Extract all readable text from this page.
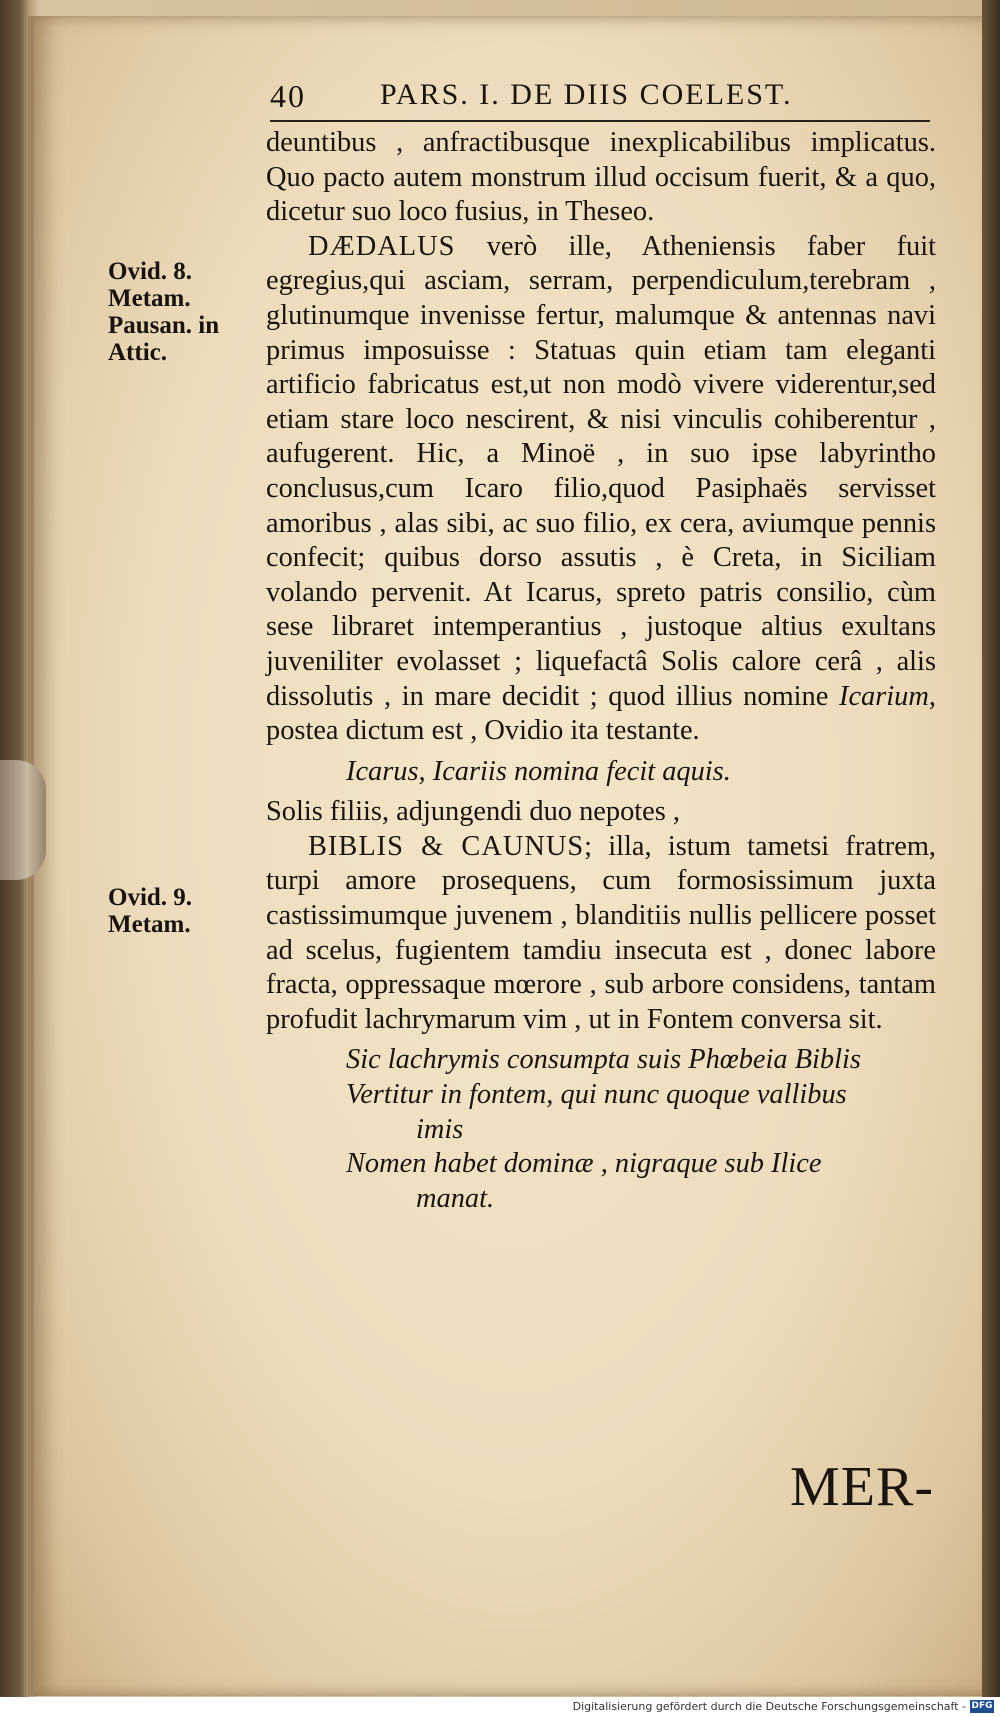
40 PARS. I. DE DIIS COELEST.
Ovid. 8. Metam. Pausan. in Attic.
Ovid. 9. Metam.

deuntibus , anfractibusque inexplicabilibus implicatus. Quo pacto autem monstrum illud occisum fuerit, & a quo, dicetur suo loco fusius, in Theseo.

DÆDALUS verò ille, Atheniensis faber fuit egregius,qui asciam, serram, perpendiculum,terebram , glutinumque invenisse fertur, malumque & antennas navi primus imposuisse : Statuas quin etiam tam eleganti artificio fabricatus est,ut non modò vivere viderentur,sed etiam stare loco nescirent, & nisi vinculis cohiberentur , aufugerent. Hic, a Minoë , in suo ipse labyrintho conclusus,cum Icaro filio,quod Pasiphaës servisset amoribus , alas sibi, ac suo filio, ex cera, aviumque pennis confecit; quibus dorso assutis , è Creta, in Siciliam volando pervenit. At Icarus, spreto patris consilio, cùm sese libraret intemperantius , justoque altius exultans juveniliter evolasset ; liquefactâ Solis calore cerâ , alis dissolutis , in mare decidit ; quod illius nomine Icarium, postea dictum est , Ovidio ita testante.

Icarus, Icariis nomina fecit aquis.

Solis filiis, adjungendi duo nepotes ,

BIBLIS & CAUNUS; illa, istum tametsi fratrem, turpi amore prosequens, cum formosissimum juxta castissimumque juvenem , blanditiis nullis pellicere posset ad scelus, fugientem tamdiu insecuta est , donec labore fracta, oppressaque mœrore , sub arbore considens, tantam profudit lachrymarum vim , ut in Fontem conversa sit.

Sic lachrymis consumpta suis Phœbeia Biblis
Vertitur in fontem, qui nunc quoque vallibus
imis
Nomen habet dominæ , nigraque sub Ilice
manat.
MER-
Digitalisierung gefördert durch die Deutsche Forschungsgemeinschaft - DFG
